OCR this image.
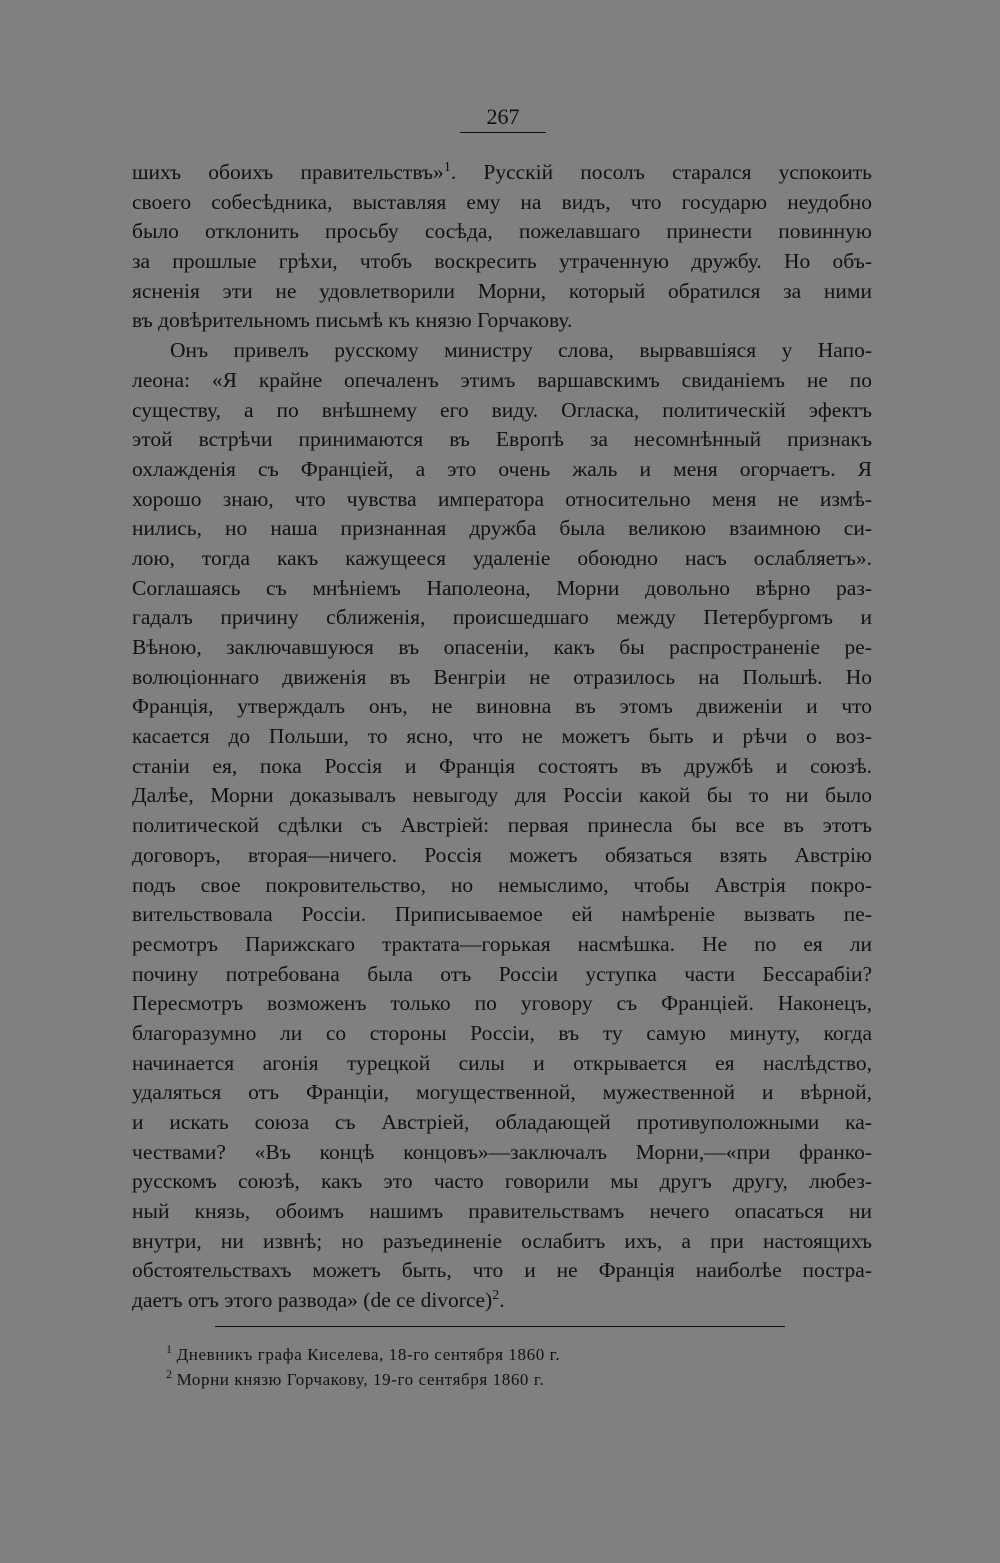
267
шихъ обоихъ правительствъ»$^1$. Русскій посолъ старался успокоить
своего собесѣдника, выставляя ему на видъ, что государю неудобно
было отклонить просьбу сосѣда, пожелавшаго принести повинную
за прошлые грѣхи, чтобъ воскресить утраченную дружбу. Но объ-
ясненія эти не удовлетворили Морни, который обратился за ними
въ довѣрительномъ письмѣ къ князю Горчакову.
Онъ привелъ русскому министру слова, вырвавшіяся у Напо-
леона: «Я крайне опечаленъ этимъ варшавскимъ свиданіемъ не по
существу, а по внѣшнему его виду. Огласка, политическій эфектъ
этой встрѣчи принимаются въ Европѣ за несомнѣнный признакъ
охлажденія съ Франціей, а это очень жаль и меня огорчаетъ. Я
хорошо знаю, что чувства императора относительно меня не измѣ-
нились, но наша признанная дружба была великою взаимною си-
лою, тогда какъ кажущееся удаленіе обоюдно насъ ослабляетъ».
Соглашаясь съ мнѣніемъ Наполеона, Морни довольно вѣрно раз-
гадалъ причину сближенія, происшедшаго между Петербургомъ и
Вѣною, заключавшуюся въ опасеніи, какъ бы распространеніе ре-
волюціоннаго движенія въ Венгріи не отразилось на Польшѣ. Но
Франція, утверждалъ онъ, не виновна въ этомъ движеніи и что
касается до Польши, то ясно, что не можетъ быть и рѣчи о воз-
станіи ея, пока Россія и Франція состоятъ въ дружбѣ и союзѣ.
Далѣе, Морни доказывалъ невыгоду для Россіи какой бы то ни было
политической сдѣлки съ Австріей: первая принесла бы все въ этотъ
договоръ, вторая—ничего. Россія можетъ обязаться взять Австрію
подъ свое покровительство, но немыслимо, чтобы Австрія покро-
вительствовала Россіи. Приписываемое ей намѣреніе вызвать пе-
ресмотръ Парижскаго трактата—горькая насмѣшка. Не по ея ли
почину потребована была отъ Россіи уступка части Бессарабіи?
Пересмотръ возможенъ только по уговору съ Франціей. Наконецъ,
благоразумно ли со стороны Россіи, въ ту самую минуту, когда
начинается агонія турецкой силы и открывается ея наслѣдство,
удаляться отъ Франціи, могущественной, мужественной и вѣрной,
и искать союза съ Австріей, обладающей противуположными ка-
чествами? «Въ концѣ концовъ»—заключалъ Морни,—«при франко-
русскомъ союзѣ, какъ это часто говорили мы другъ другу, любез-
ный князь, обоимъ нашимъ правительствамъ нечего опасаться ни
внутри, ни извнѣ; но разъединеніе ослабитъ ихъ, а при настоящихъ
обстоятельствахъ можетъ быть, что и не Франція наиболѣе постра-
даетъ отъ этого развода» (de ce divorce)$^2$.
$^1$ Дневникъ графа Киселева, 18-го сентября 1860 г.
$^2$ Морни князю Горчакову, 19-го сентября 1860 г.
